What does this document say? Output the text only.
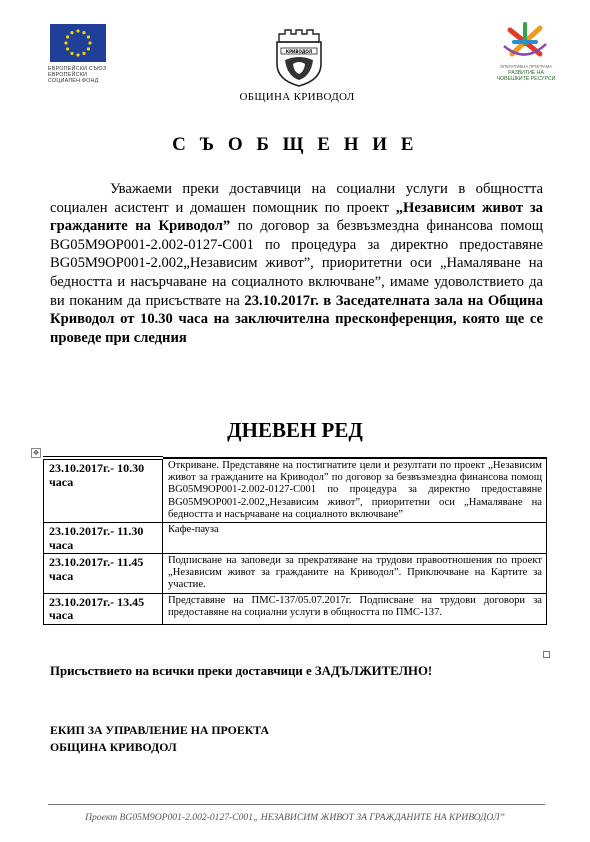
ЕВРОПЕЙСКИ СЪЮЗ
ЕВРОПЕЙСКИ
СОЦИАЛЕН ФОНД
КРИВОДОЛ
ОБЩИНА КРИВОДОЛ
ОПЕРАТИВНА ПРОГРАМА
РАЗВИТИЕ НА
ЧОВЕШКИТЕ РЕСУРСИ
С Ъ О Б Щ Е Н И Е
Уважаеми преки доставчици на социални услуги в общността социален асистент и домашен помощник по проект „Независим живот за гражданите на Криводол” по договор за безвъзмездна финансова помощ BG05M9OP001-2.002-0127-C001 по процедура за директно предоставяне BG05M9OP001-2.002„Независим живот”, приоритетни оси „Намаляване на бедността и насърчаване на социалното включване”, имаме удоволствието да ви поканим да присъствате на 23.10.2017г. в Заседателната зала на Община Криводол от 10.30 часа на заключителна пресконференция, която ще се проведе при следния
ДНЕВЕН РЕД
✥
23.10.2017г.- 10.30 часа	Откриване. Представяне на постигнатите цели и резултати по проект „Независим живот за гражданите на Криводол” по договор за безвъзмездна финансова помощ BG05M9OP001-2.002-0127-C001 по процедура за директно предоставяне BG05M9OP001-2.002„Независим живот”, приоритетни оси „Намаляване на бедността и насърчаване на социалното включване”
23.10.2017г.- 11.30 часа	Кафе-пауза
23.10.2017г.- 11.45 часа	Подписване на заповеди за прекратяване на трудови правоотношения по проект „Независим живот за гражданите на Криводол”. Приключване на Картите за участие.
23.10.2017г.- 13.45 часа	Представяне на ПМС-137/05.07.2017г. Подписване на трудови договори за предоставяне на социални услуги в общността по ПМС-137.
Присъствието на всички преки доставчици е ЗАДЪЛЖИТЕЛНО!
ЕКИП ЗА УПРАВЛЕНИЕ НА ПРОЕКТА
ОБЩИНА КРИВОДОЛ
Проект BG05M9OP001-2.002-0127-C001„ НЕЗАВИСИМ ЖИВОТ ЗА ГРАЖДАНИТЕ НА КРИВОДОЛ”
